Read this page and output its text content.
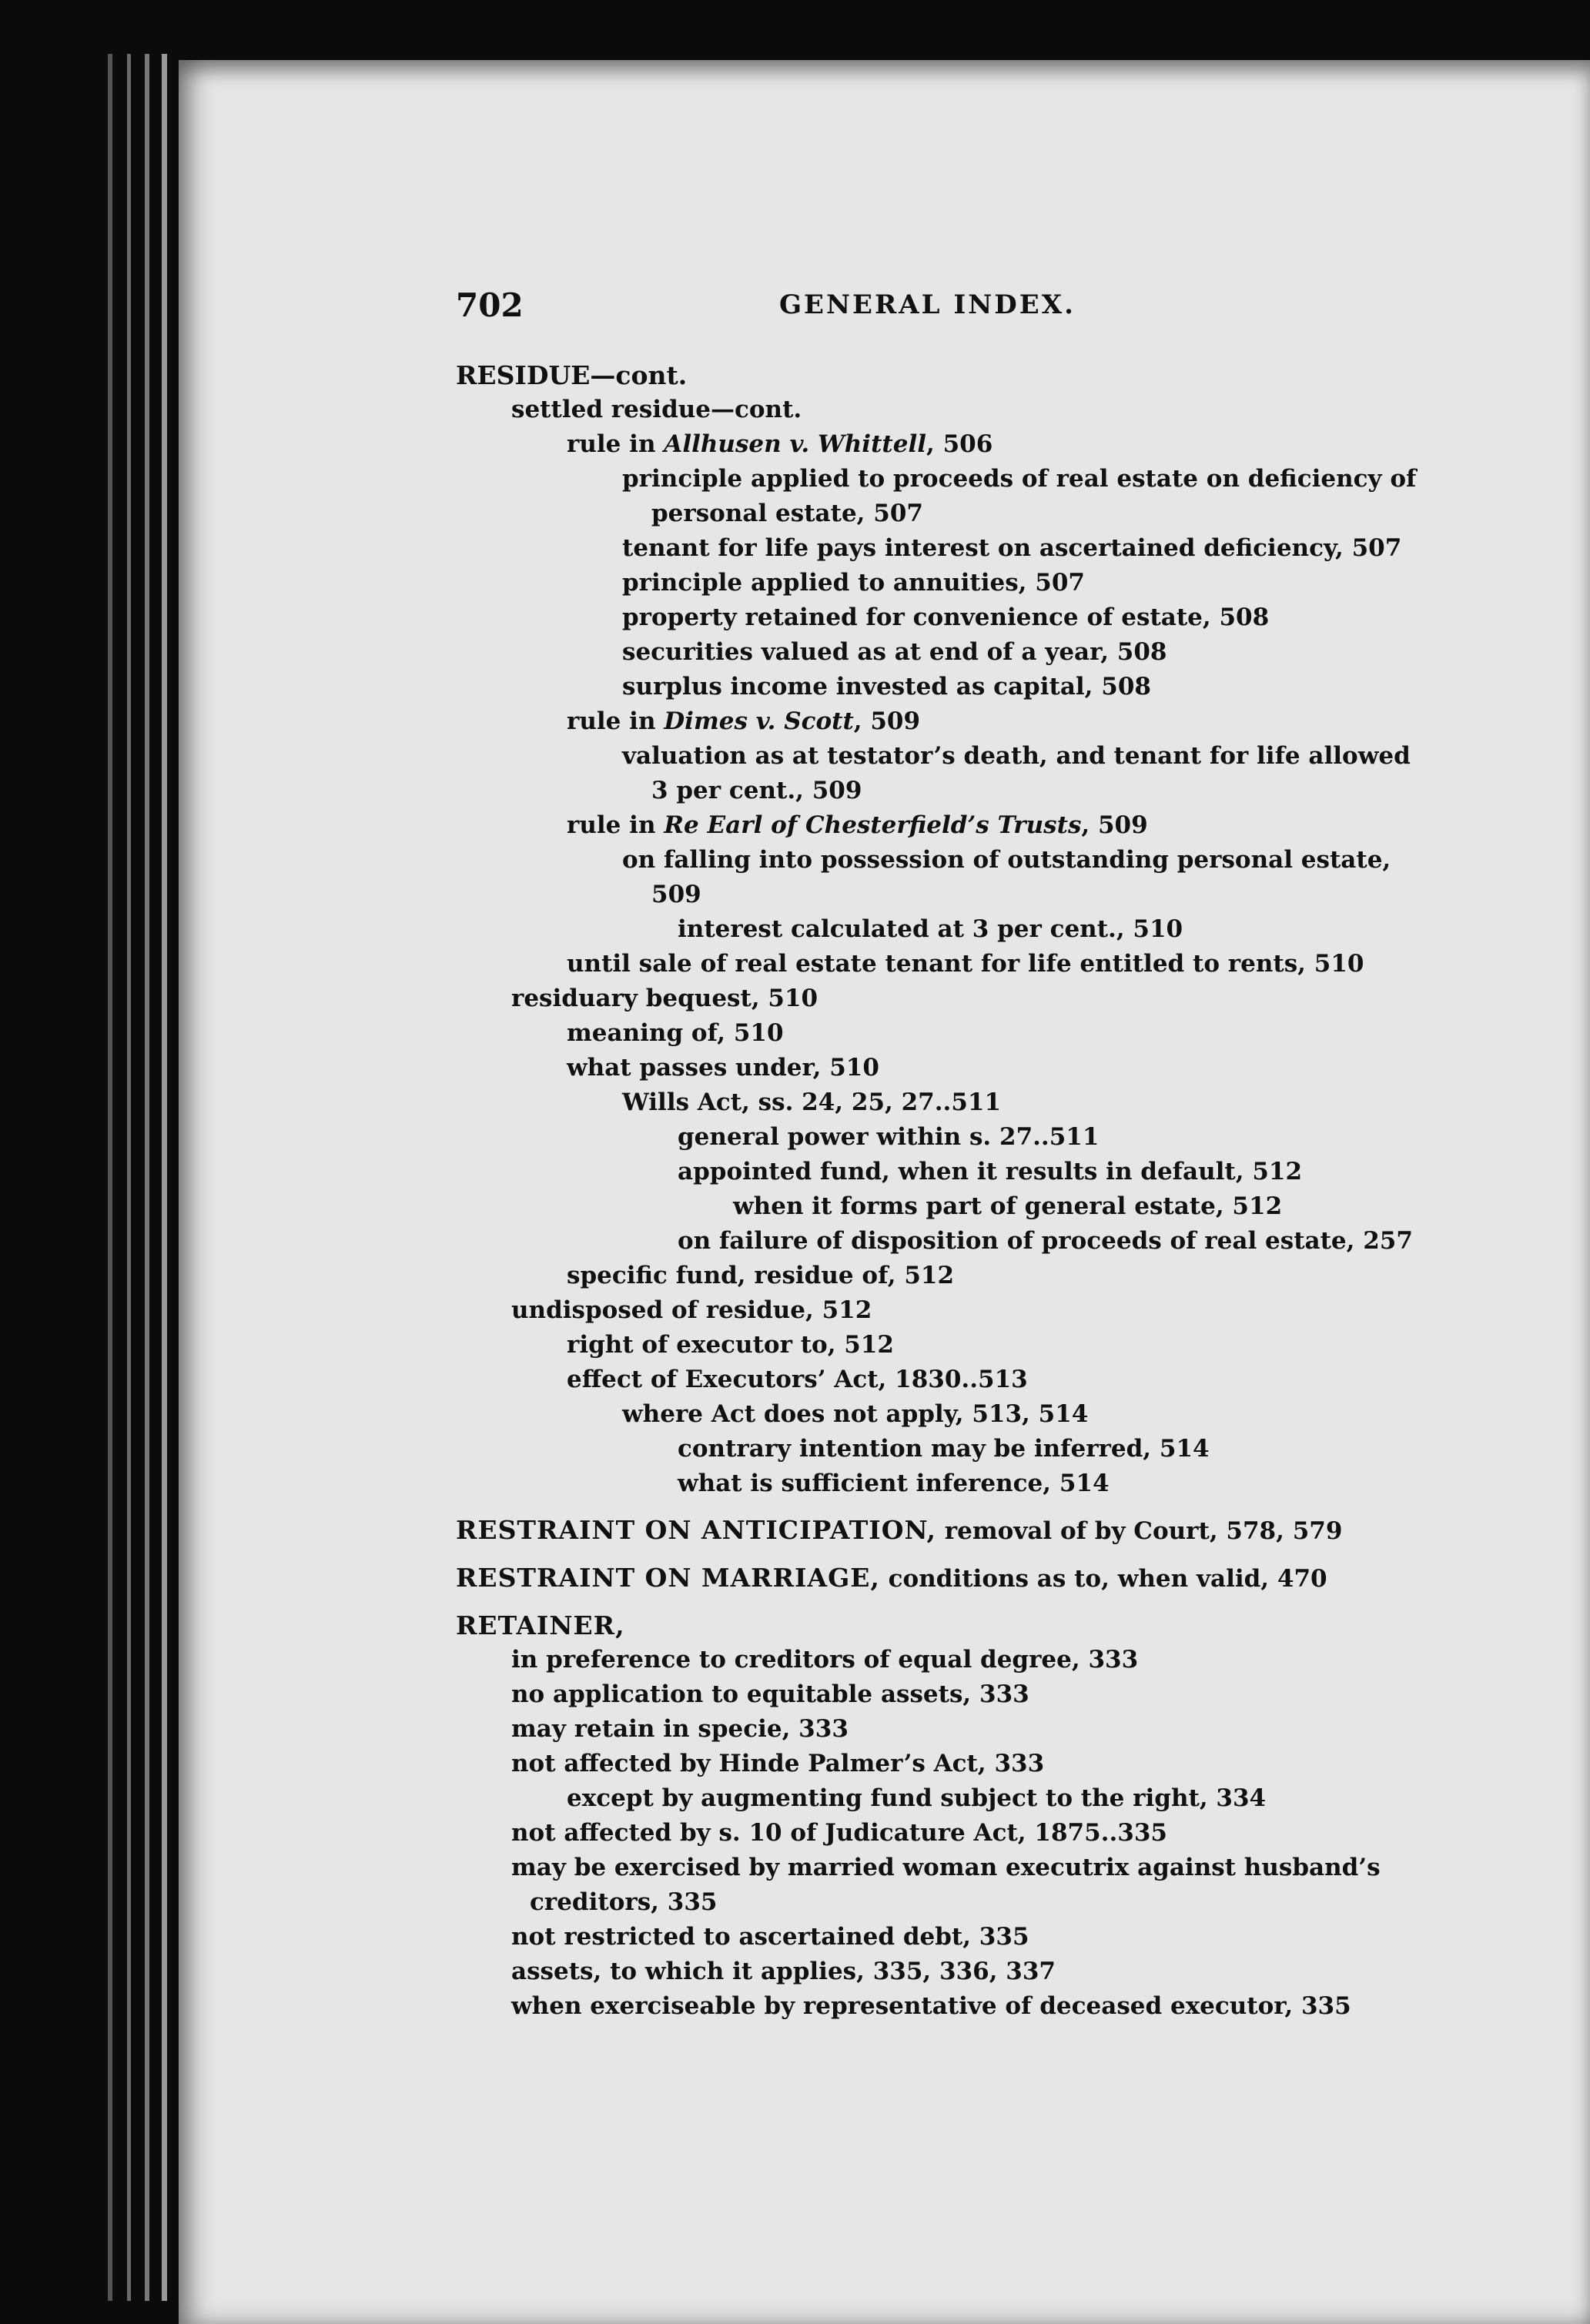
702	GENERAL INDEX.
RESIDUE—cont.
settled residue—cont.
rule in Allhusen v. Whittell, 506
principle applied to proceeds of real estate on deficiency of
personal estate, 507
tenant for life pays interest on ascertained deficiency, 507
principle applied to annuities, 507
property retained for convenience of estate, 508
securities valued as at end of a year, 508
surplus income invested as capital, 508
rule in Dimes v. Scott, 509
valuation as at testator’s death, and tenant for life allowed
3 per cent., 509
rule in Re Earl of Chesterfield’s Trusts, 509
on falling into possession of outstanding personal estate,
509
interest calculated at 3 per cent., 510
until sale of real estate tenant for life entitled to rents, 510
residuary bequest, 510
meaning of, 510
what passes under, 510
Wills Act, ss. 24, 25, 27..511
general power within s. 27..511
appointed fund, when it results in default, 512
when it forms part of general estate, 512
on failure of disposition of proceeds of real estate, 257
specific fund, residue of, 512
undisposed of residue, 512
right of executor to, 512
effect of Executors’ Act, 1830..513
where Act does not apply, 513, 514
contrary intention may be inferred, 514
what is sufficient inference, 514
RESTRAINT ON ANTICIPATION, removal of by Court, 578, 579
RESTRAINT ON MARRIAGE, conditions as to, when valid, 470
RETAINER,
in preference to creditors of equal degree, 333
no application to equitable assets, 333
may retain in specie, 333
not affected by Hinde Palmer’s Act, 333
except by augmenting fund subject to the right, 334
not affected by s. 10 of Judicature Act, 1875..335
may be exercised by married woman executrix against husband’s
creditors, 335
not restricted to ascertained debt, 335
assets, to which it applies, 335, 336, 337
when exerciseable by representative of deceased executor, 335
